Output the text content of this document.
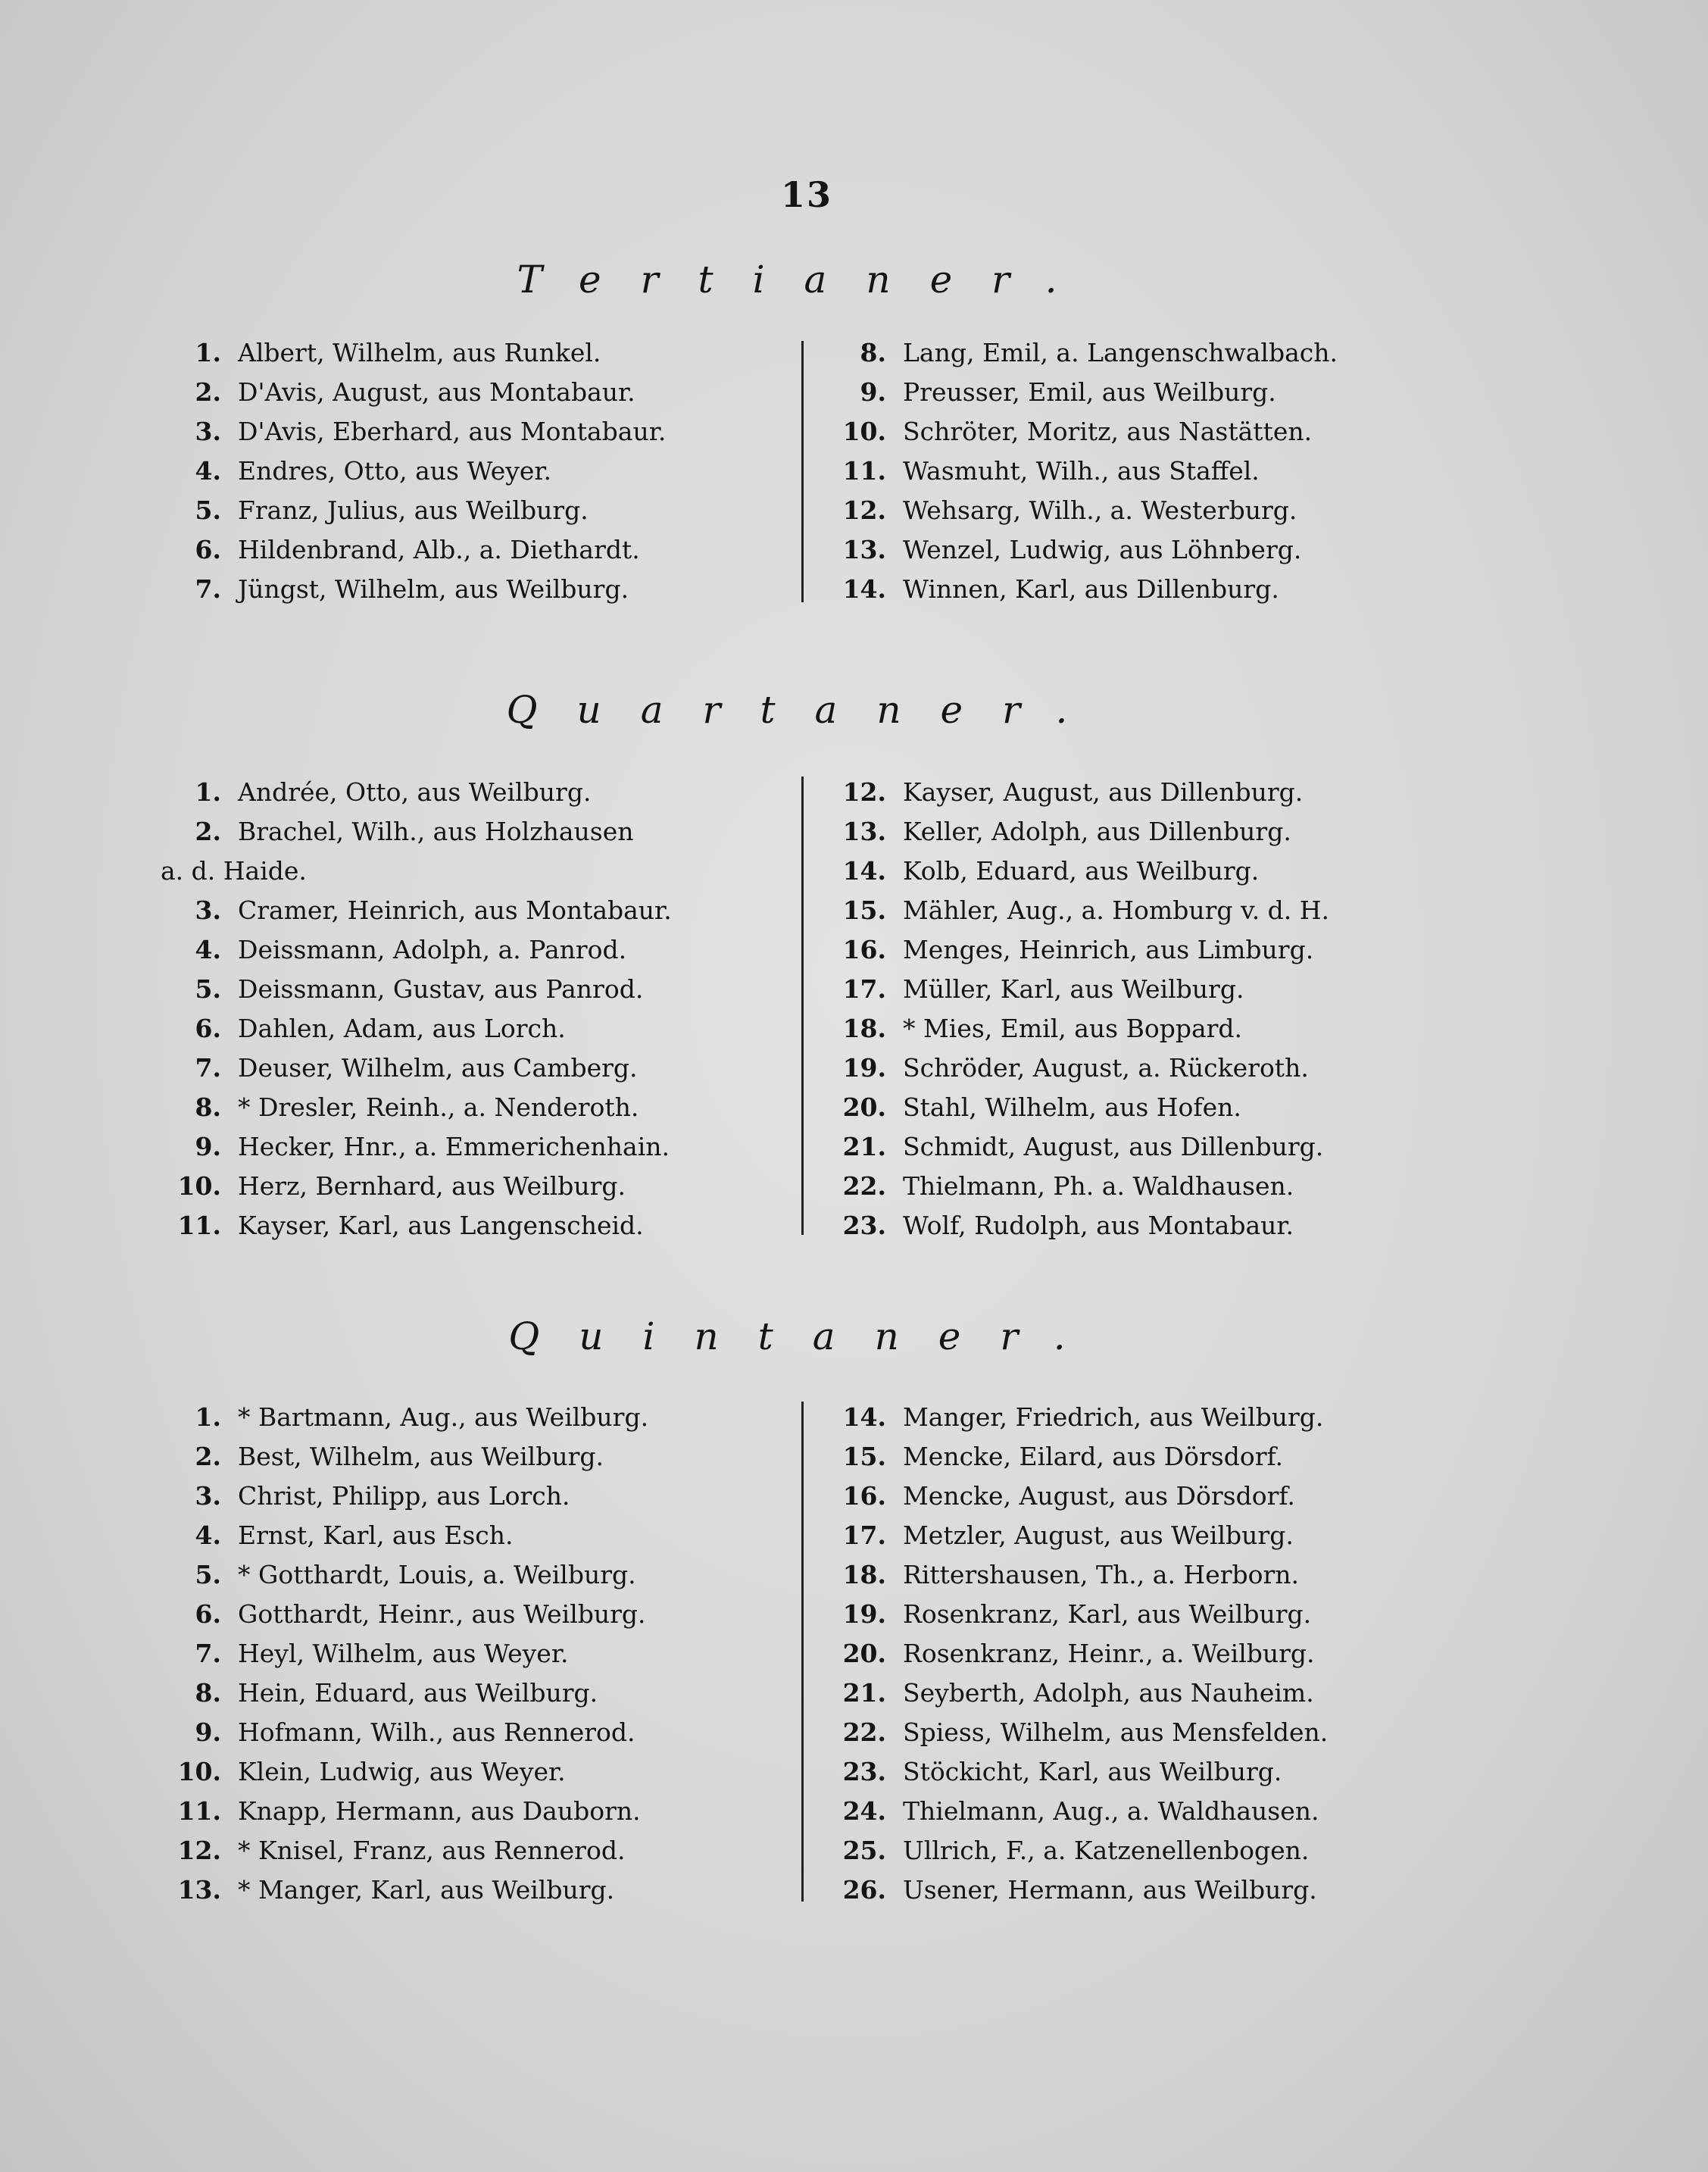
13
Tertianer.
1. Albert, Wilhelm, aus Runkel.
2. D'Avis, August, aus Montabaur.
3. D'Avis, Eberhard, aus Montabaur.
4. Endres, Otto, aus Weyer.
5. Franz, Julius, aus Weilburg.
6. Hildenbrand, Alb., a. Diethardt.
7. Jüngst, Wilhelm, aus Weilburg.
8. Lang, Emil, a. Langenschwalbach.
9. Preusser, Emil, aus Weilburg.
10. Schröter, Moritz, aus Nastätten.
11. Wasmuht, Wilh., aus Staffel.
12. Wehsarg, Wilh., a. Westerburg.
13. Wenzel, Ludwig, aus Löhnberg.
14. Winnen, Karl, aus Dillenburg.
Quartaner.
1. Andrée, Otto, aus Weilburg.
2. Brachel, Wilh., aus Holzhausen
a. d. Haide.
3. Cramer, Heinrich, aus Montabaur.
4. Deissmann, Adolph, a. Panrod.
5. Deissmann, Gustav, aus Panrod.
6. Dahlen, Adam, aus Lorch.
7. Deuser, Wilhelm, aus Camberg.
8. * Dresler, Reinh., a. Nenderoth.
9. Hecker, Hnr., a. Emmerichenhain.
10. Herz, Bernhard, aus Weilburg.
11. Kayser, Karl, aus Langenscheid.
12. Kayser, August, aus Dillenburg.
13. Keller, Adolph, aus Dillenburg.
14. Kolb, Eduard, aus Weilburg.
15. Mähler, Aug., a. Homburg v. d. H.
16. Menges, Heinrich, aus Limburg.
17. Müller, Karl, aus Weilburg.
18. * Mies, Emil, aus Boppard.
19. Schröder, August, a. Rückeroth.
20. Stahl, Wilhelm, aus Hofen.
21. Schmidt, August, aus Dillenburg.
22. Thielmann, Ph. a. Waldhausen.
23. Wolf, Rudolph, aus Montabaur.
Quintaner.
1. * Bartmann, Aug., aus Weilburg.
2. Best, Wilhelm, aus Weilburg.
3. Christ, Philipp, aus Lorch.
4. Ernst, Karl, aus Esch.
5. * Gotthardt, Louis, a. Weilburg.
6. Gotthardt, Heinr., aus Weilburg.
7. Heyl, Wilhelm, aus Weyer.
8. Hein, Eduard, aus Weilburg.
9. Hofmann, Wilh., aus Rennerod.
10. Klein, Ludwig, aus Weyer.
11. Knapp, Hermann, aus Dauborn.
12. * Knisel, Franz, aus Rennerod.
13. * Manger, Karl, aus Weilburg.
14. Manger, Friedrich, aus Weilburg.
15. Mencke, Eilard, aus Dörsdorf.
16. Mencke, August, aus Dörsdorf.
17. Metzler, August, aus Weilburg.
18. Rittershausen, Th., a. Herborn.
19. Rosenkranz, Karl, aus Weilburg.
20. Rosenkranz, Heinr., a. Weilburg.
21. Seyberth, Adolph, aus Nauheim.
22. Spiess, Wilhelm, aus Mensfelden.
23. Stöckicht, Karl, aus Weilburg.
24. Thielmann, Aug., a. Waldhausen.
25. Ullrich, F., a. Katzenellenbogen.
26. Usener, Hermann, aus Weilburg.
